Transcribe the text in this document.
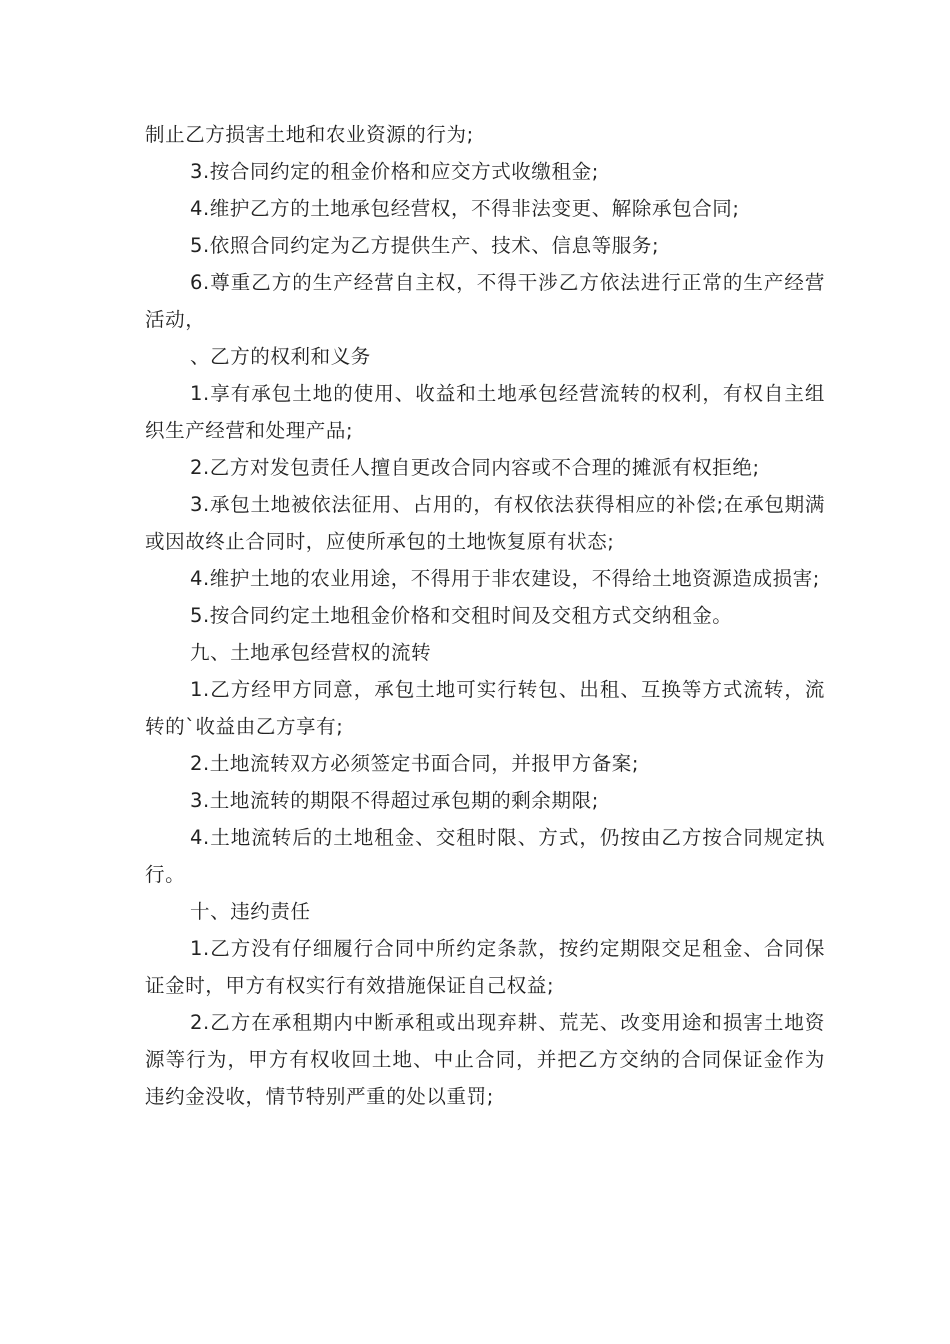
制止乙方损害土地和农业资源的行为;

3.按合同约定的租金价格和应交方式收缴租金;

4.维护乙方的土地承包经营权，不得非法变更、解除承包合同;

5.依照合同约定为乙方提供生产、技术、信息等服务;

6.尊重乙方的生产经营自主权，不得干涉乙方依法进行正常的生产经营活动，

、乙方的权利和义务

1.享有承包土地的使用、收益和土地承包经营流转的权利，有权自主组织生产经营和处理产品;

2.乙方对发包责任人擅自更改合同内容或不合理的摊派有权拒绝;

3.承包土地被依法征用、占用的，有权依法获得相应的补偿;在承包期满或因故终止合同时，应使所承包的土地恢复原有状态;

4.维护土地的农业用途，不得用于非农建设，不得给土地资源造成损害;

5.按合同约定土地租金价格和交租时间及交租方式交纳租金。

九、土地承包经营权的流转

1.乙方经甲方同意，承包土地可实行转包、出租、互换等方式流转，流转的`收益由乙方享有;

2.土地流转双方必须签定书面合同，并报甲方备案;

3.土地流转的期限不得超过承包期的剩余期限;

4.土地流转后的土地租金、交租时限、方式，仍按由乙方按合同规定执行。

十、违约责任

1.乙方没有仔细履行合同中所约定条款，按约定期限交足租金、合同保证金时，甲方有权实行有效措施保证自己权益;

2.乙方在承租期内中断承租或出现弃耕、荒芜、改变用途和损害土地资源等行为，甲方有权收回土地、中止合同，并把乙方交纳的合同保证金作为违约金没收，情节特别严重的处以重罚;
